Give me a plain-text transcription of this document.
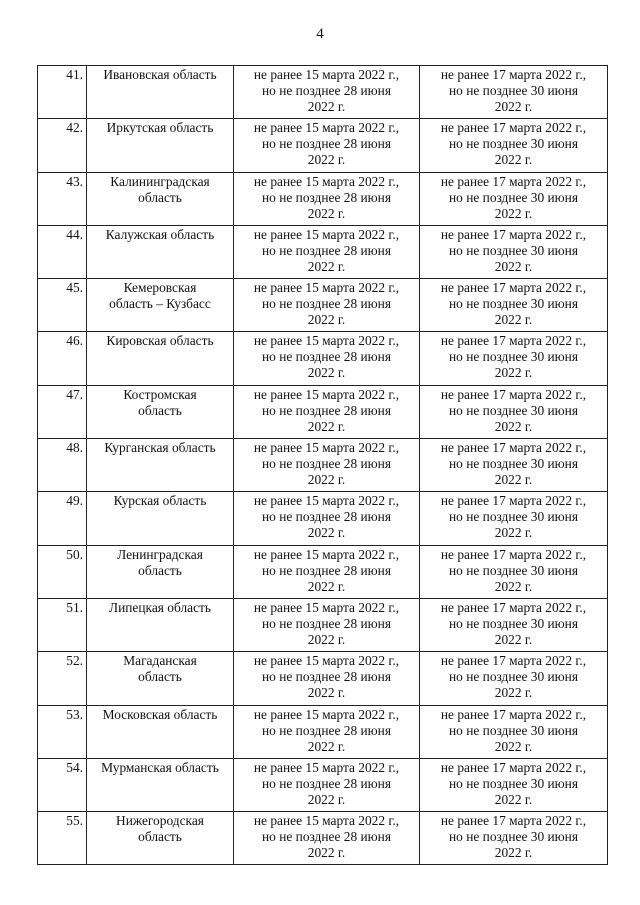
4
41.	Ивановская область	не ранее 15 марта 2022 г.,
но не позднее 28 июня
2022 г.	не ранее 17 марта 2022 г.,
но не позднее 30 июня
2022 г.

42.	Иркутская область	не ранее 15 марта 2022 г.,
но не позднее 28 июня
2022 г.	не ранее 17 марта 2022 г.,
но не позднее 30 июня
2022 г.

43.	Калининградская
область	не ранее 15 марта 2022 г.,
но не позднее 28 июня
2022 г.	не ранее 17 марта 2022 г.,
но не позднее 30 июня
2022 г.

44.	Калужская область	не ранее 15 марта 2022 г.,
но не позднее 28 июня
2022 г.	не ранее 17 марта 2022 г.,
но не позднее 30 июня
2022 г.

45.	Кемеровская
область – Кузбасс	не ранее 15 марта 2022 г.,
но не позднее 28 июня
2022 г.	не ранее 17 марта 2022 г.,
но не позднее 30 июня
2022 г.

46.	Кировская область	не ранее 15 марта 2022 г.,
но не позднее 28 июня
2022 г.	не ранее 17 марта 2022 г.,
но не позднее 30 июня
2022 г.

47.	Костромская
область	не ранее 15 марта 2022 г.,
но не позднее 28 июня
2022 г.	не ранее 17 марта 2022 г.,
но не позднее 30 июня
2022 г.

48.	Курганская область	не ранее 15 марта 2022 г.,
но не позднее 28 июня
2022 г.	не ранее 17 марта 2022 г.,
но не позднее 30 июня
2022 г.

49.	Курская область	не ранее 15 марта 2022 г.,
но не позднее 28 июня
2022 г.	не ранее 17 марта 2022 г.,
но не позднее 30 июня
2022 г.

50.	Ленинградская
область	не ранее 15 марта 2022 г.,
но не позднее 28 июня
2022 г.	не ранее 17 марта 2022 г.,
но не позднее 30 июня
2022 г.

51.	Липецкая область	не ранее 15 марта 2022 г.,
но не позднее 28 июня
2022 г.	не ранее 17 марта 2022 г.,
но не позднее 30 июня
2022 г.

52.	Магаданская
область	не ранее 15 марта 2022 г.,
но не позднее 28 июня
2022 г.	не ранее 17 марта 2022 г.,
но не позднее 30 июня
2022 г.

53.	Московская область	не ранее 15 марта 2022 г.,
но не позднее 28 июня
2022 г.	не ранее 17 марта 2022 г.,
но не позднее 30 июня
2022 г.

54.	Мурманская область	не ранее 15 марта 2022 г.,
но не позднее 28 июня
2022 г.	не ранее 17 марта 2022 г.,
но не позднее 30 июня
2022 г.

55.	Нижегородская
область	не ранее 15 марта 2022 г.,
но не позднее 28 июня
2022 г.	не ранее 17 марта 2022 г.,
но не позднее 30 июня
2022 г.
